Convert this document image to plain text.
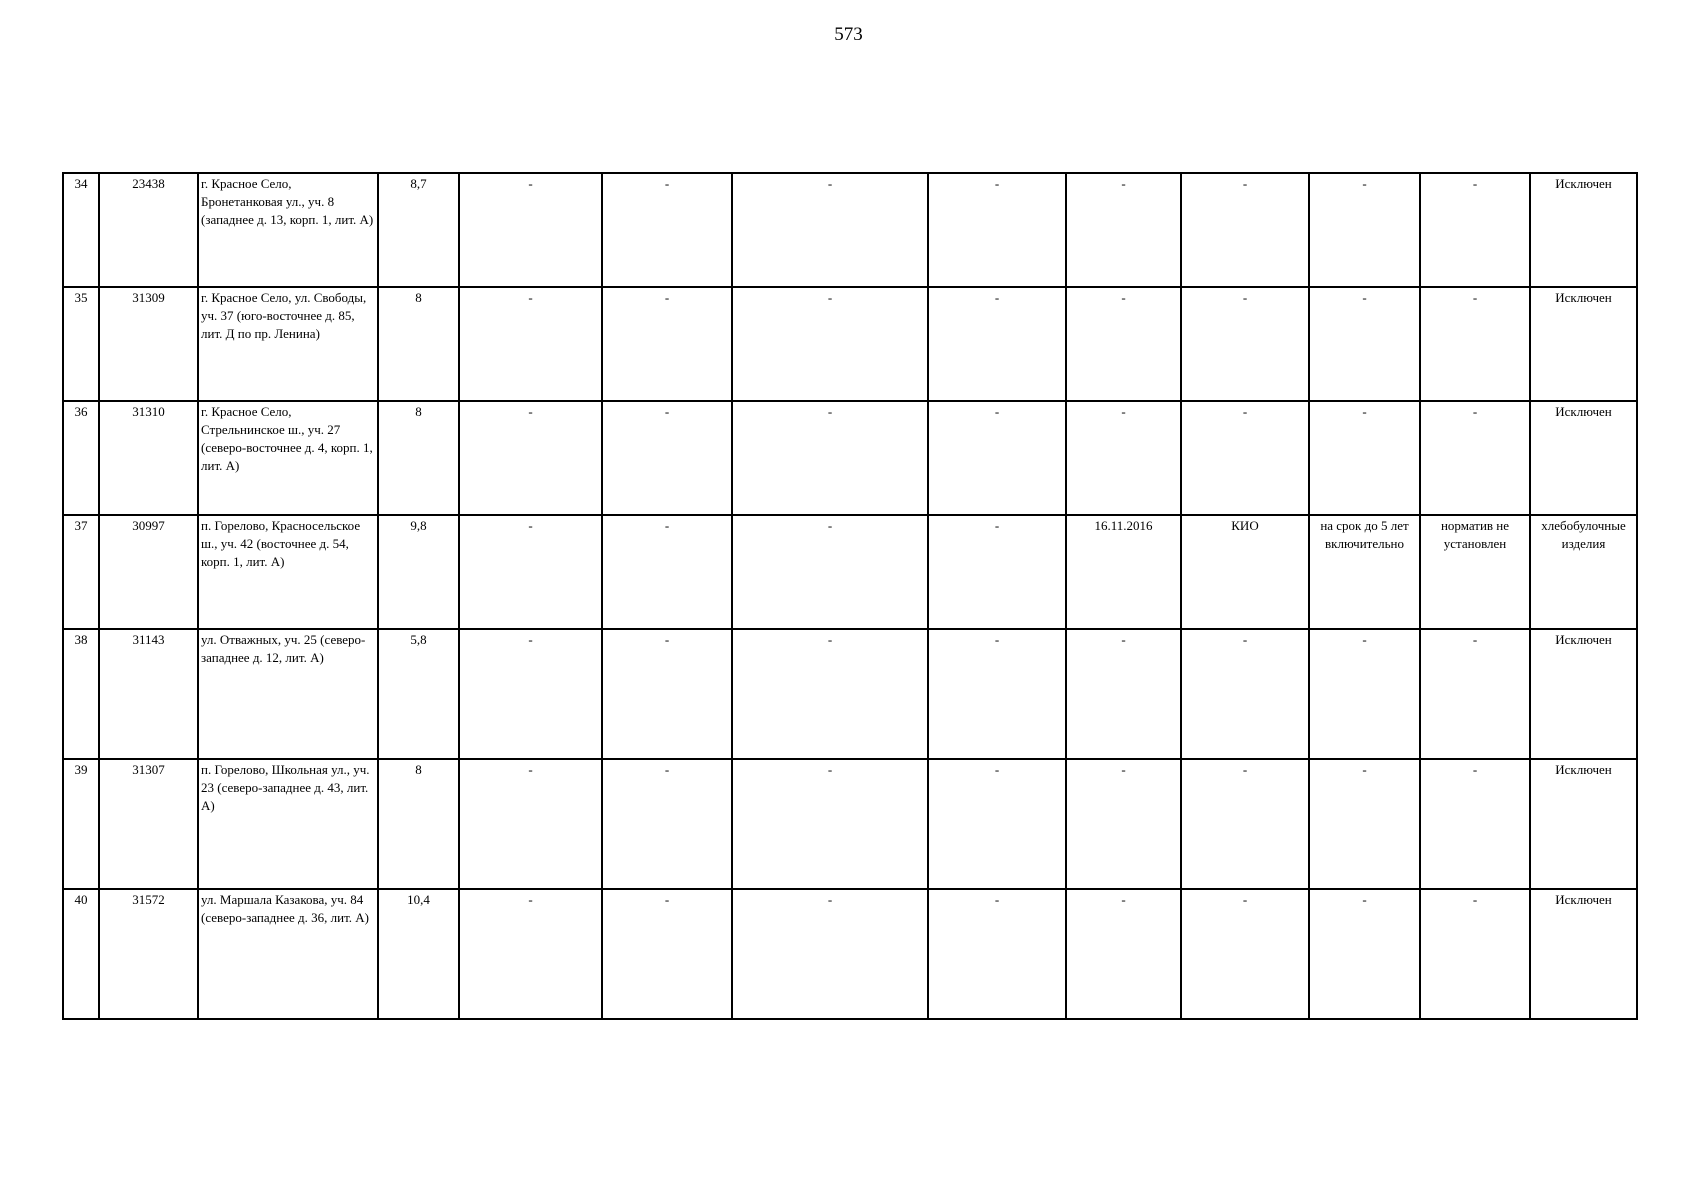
573
34	23438	г. Красное Село, Бронетанковая ул., уч. 8 (западнее д. 13, корп. 1, лит. А)	8,7	-	-	-	-	-	-	-	-	Исключен
35	31309	г. Красное Село, ул. Свободы, уч. 37 (юго-восточнее д. 85, лит. Д по пр. Ленина)	8	-	-	-	-	-	-	-	-	Исключен
36	31310	г. Красное Село, Стрельнинское ш., уч. 27 (северо-восточнее д. 4, корп. 1, лит. А)	8	-	-	-	-	-	-	-	-	Исключен
37	30997	п. Горелово, Красносельское ш., уч. 42 (восточнее д. 54, корп. 1, лит. А)	9,8	-	-	-	-	16.11.2016	КИО	на срок до 5 лет включительно	норматив не установлен	хлебобулочные изделия
38	31143	ул. Отважных, уч. 25 (северо-западнее д. 12, лит. А)	5,8	-	-	-	-	-	-	-	-	Исключен
39	31307	п. Горелово, Школьная ул., уч. 23 (северо-западнее д. 43, лит. А)	8	-	-	-	-	-	-	-	-	Исключен
40	31572	ул. Маршала Казакова, уч. 84 (северо-западнее д. 36, лит. А)	10,4	-	-	-	-	-	-	-	-	Исключен
